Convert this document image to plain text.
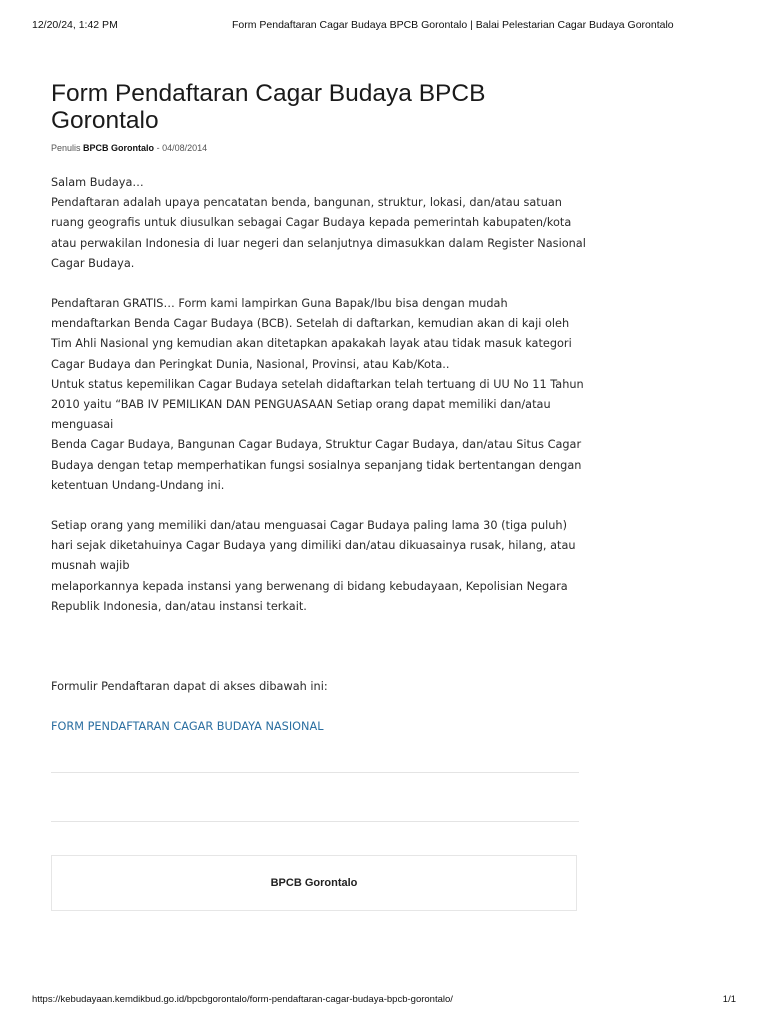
12/20/24, 1:42 PM	Form Pendaftaran Cagar Budaya BPCB Gorontalo | Balai Pelestarian Cagar Budaya Gorontalo
Form Pendaftaran Cagar Budaya BPCB Gorontalo
Penulis BPCB Gorontalo - 04/08/2014

Salam Budaya…

Pendaftaran adalah upaya pencatatan benda, bangunan, struktur, lokasi, dan/atau satuan ruang geografis untuk diusulkan sebagai Cagar Budaya kepada pemerintah kabupaten/kota atau perwakilan Indonesia di luar negeri dan selanjutnya dimasukkan dalam Register Nasional Cagar Budaya.

Pendaftaran GRATIS… Form kami lampirkan Guna Bapak/Ibu bisa dengan mudah mendaftarkan Benda Cagar Budaya (BCB). Setelah di daftarkan, kemudian akan di kaji oleh Tim Ahli Nasional yng kemudian akan ditetapkan apakakah layak atau tidak masuk kategori Cagar Budaya dan Peringkat Dunia, Nasional, Provinsi, atau Kab/Kota..

Untuk status kepemilikan Cagar Budaya setelah didaftarkan telah tertuang di UU No 11 Tahun 2010 yaitu “BAB IV PEMILIKAN DAN PENGUASAAN Setiap orang dapat memiliki dan/atau menguasai

Benda Cagar Budaya, Bangunan Cagar Budaya, Struktur Cagar Budaya, dan/atau Situs Cagar Budaya dengan tetap memperhatikan fungsi sosialnya sepanjang tidak bertentangan dengan ketentuan Undang-Undang ini.

Setiap orang yang memiliki dan/atau menguasai Cagar Budaya paling lama 30 (tiga puluh) hari sejak diketahuinya Cagar Budaya yang dimiliki dan/atau dikuasainya rusak, hilang, atau musnah wajib

melaporkannya kepada instansi yang berwenang di bidang kebudayaan, Kepolisian Negara Republik Indonesia, dan/atau instansi terkait.

Formulir Pendaftaran dapat di akses dibawah ini:

FORM PENDAFTARAN CAGAR BUDAYA NASIONAL

BPCB Gorontalo
https://kebudayaan.kemdikbud.go.id/bpcbgorontalo/form-pendaftaran-cagar-budaya-bpcb-gorontalo/	1/1
